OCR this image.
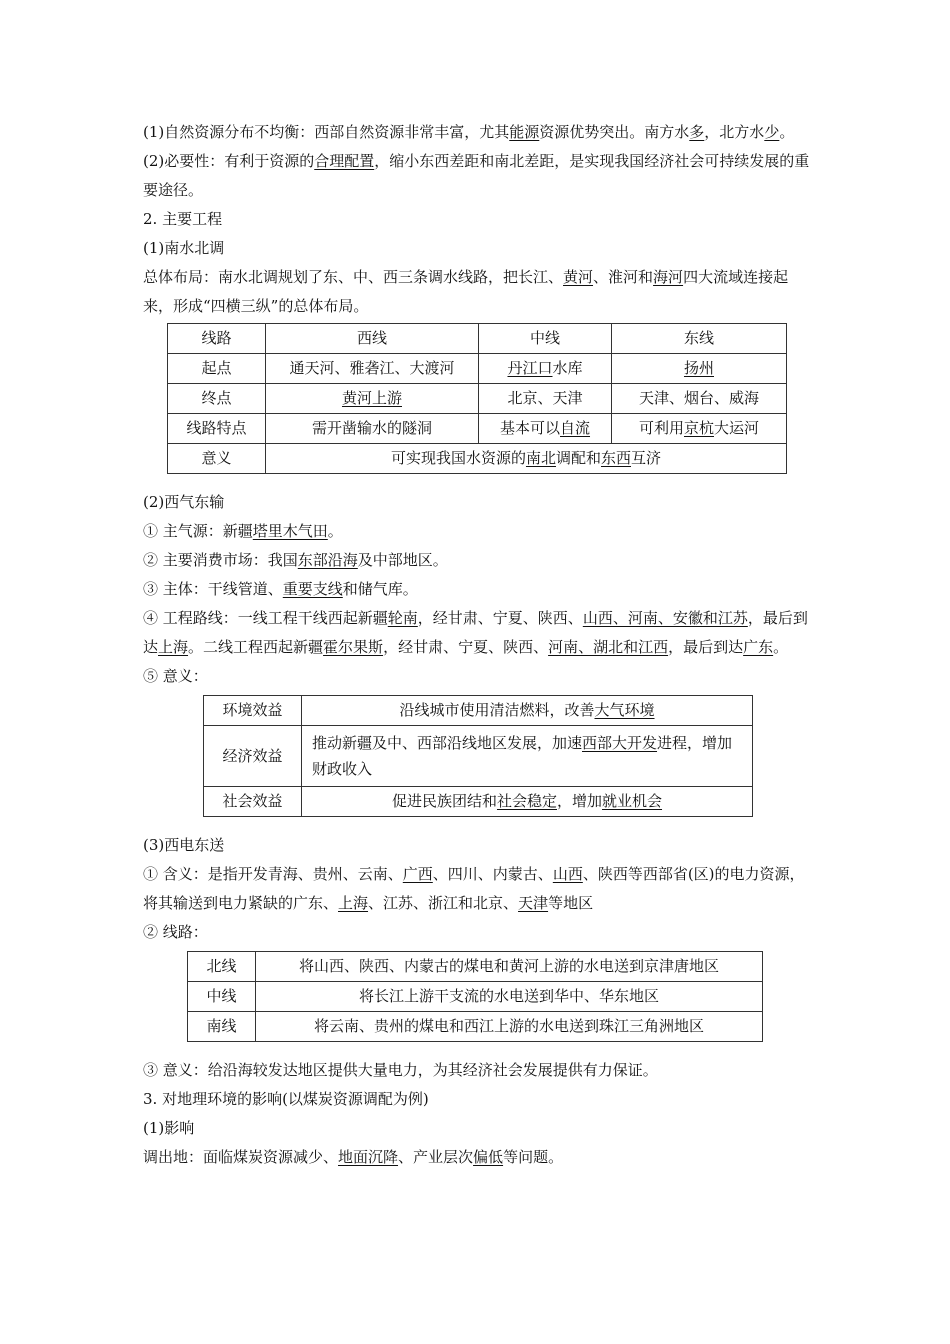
(1)自然资源分布不均衡：西部自然资源非常丰富，尤其能源资源优势突出。南方水多，北方水少。

(2)必要性：有利于资源的合理配置，缩小东西差距和南北差距，是实现我国经济社会可持续发展的重要途径。

2. 主要工程

(1)南水北调

总体布局：南水北调规划了东、中、西三条调水线路，把长江、黄河、淮河和海河四大流域连接起来，形成“四横三纵”的总体布局。

线路	西线	中线	东线
起点	通天河、雅砻江、大渡河	丹江口水库	扬州
终点	黄河上游	北京、天津	天津、烟台、威海
线路特点	需开凿输水的隧洞	基本可以自流	可利用京杭大运河
意义	可实现我国水资源的南北调配和东西互济		

(2)西气东输

① 主气源：新疆塔里木气田。

② 主要消费市场：我国东部沿海及中部地区。

③ 主体：干线管道、重要支线和储气库。

④ 工程路线：一线工程干线西起新疆轮南，经甘肃、宁夏、陕西、山西、河南、安徽和江苏，最后到达上海。二线工程西起新疆霍尔果斯，经甘肃、宁夏、陕西、河南、湖北和江西，最后到达广东。

⑤ 意义：

环境效益	沿线城市使用清洁燃料，改善大气环境
经济效益	推动新疆及中、西部沿线地区发展，加速西部大开发进程，增加财政收入
社会效益	促进民族团结和社会稳定，增加就业机会

(3)西电东送

① 含义：是指开发青海、贵州、云南、广西、四川、内蒙古、山西、陕西等西部省(区)的电力资源，将其输送到电力紧缺的广东、上海、江苏、浙江和北京、天津等地区

② 线路：

北线	将山西、陕西、内蒙古的煤电和黄河上游的水电送到京津唐地区
中线	将长江上游干支流的水电送到华中、华东地区
南线	将云南、贵州的煤电和西江上游的水电送到珠江三角洲地区

③ 意义：给沿海较发达地区提供大量电力，为其经济社会发展提供有力保证。

3. 对地理环境的影响(以煤炭资源调配为例)

(1)影响

调出地：面临煤炭资源减少、地面沉降、产业层次偏低等问题。
